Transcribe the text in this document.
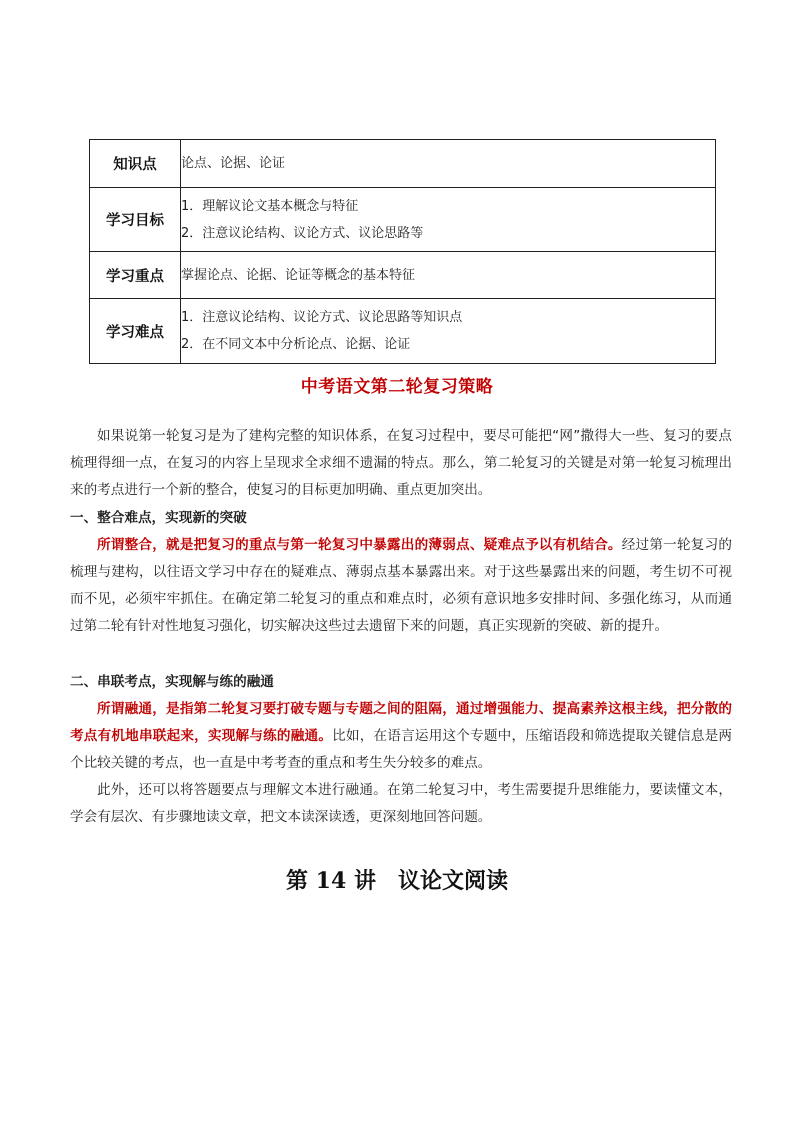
知识点	论点、论据、论证

学习目标	1．理解议论文基本概念与特征
2．注意议论结构、议论方式、议论思路等

学习重点	掌握论点、论据、论证等概念的基本特征

学习难点	1．注意议论结构、议论方式、议论思路等知识点
2．在不同文本中分析论点、论据、论证
中考语文第二轮复习策略
如果说第一轮复习是为了建构完整的知识体系，在复习过程中，要尽可能把“网”撒得大一些、复习的要点梳理得细一点，在复习的内容上呈现求全求细不遗漏的特点。那么，第二轮复习的关键是对第一轮复习梳理出来的考点进行一个新的整合，使复习的目标更加明确、重点更加突出。
一、整合难点，实现新的突破
所谓整合，就是把复习的重点与第一轮复习中暴露出的薄弱点、疑难点予以有机结合。经过第一轮复习的梳理与建构，以往语文学习中存在的疑难点、薄弱点基本暴露出来。对于这些暴露出来的问题，考生切不可视而不见，必须牢牢抓住。在确定第二轮复习的重点和难点时，必须有意识地多安排时间、多强化练习，从而通过第二轮有针对性地复习强化，切实解决这些过去遗留下来的问题，真正实现新的突破、新的提升。
二、串联考点，实现解与练的融通
所谓融通，是指第二轮复习要打破专题与专题之间的阻隔，通过增强能力、提高素养这根主线，把分散的考点有机地串联起来，实现解与练的融通。比如，在语言运用这个专题中，压缩语段和筛选提取关键信息是两个比较关键的考点，也一直是中考考查的重点和考生失分较多的难点。
此外，还可以将答题要点与理解文本进行融通。在第二轮复习中，考生需要提升思维能力，要读懂文本，学会有层次、有步骤地读文章，把文本读深读透，更深刻地回答问题。
第 14 讲 议论文阅读
